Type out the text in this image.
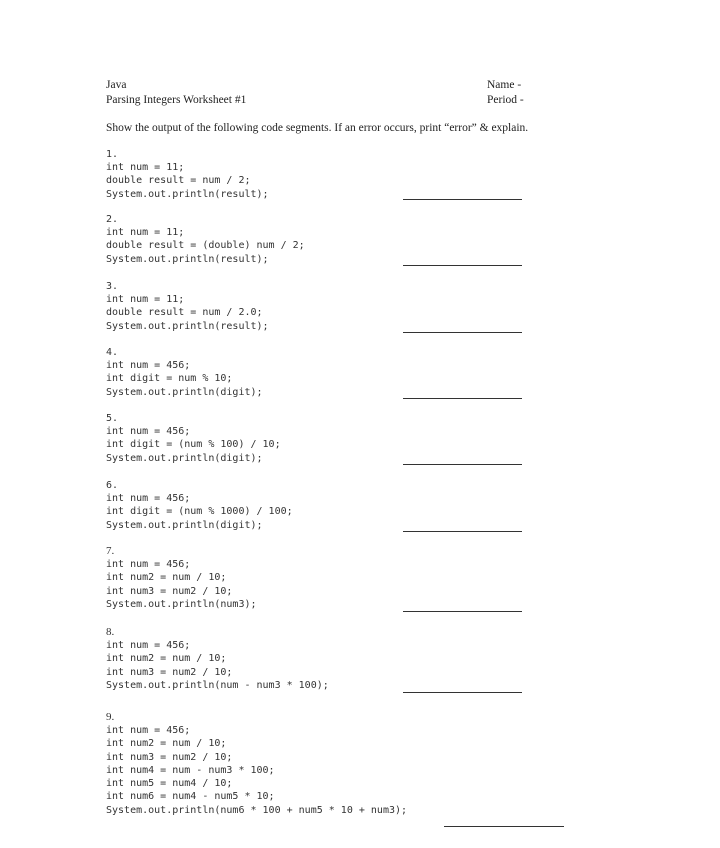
Java
Parsing Integers Worksheet #1
Name -
Period -
Show the output of the following code segments. If an error occurs, print “error” & explain.
1.
int num = 11;
double result = num / 2;
System.out.println(result);
2.
int num = 11;
double result = (double) num / 2;
System.out.println(result);
3.
int num = 11;
double result = num / 2.0;
System.out.println(result);
4.
int num = 456;
int digit = num % 10;
System.out.println(digit);
5.
int num = 456;
int digit = (num % 100) / 10;
System.out.println(digit);
6.
int num = 456;
int digit = (num % 1000) / 100;
System.out.println(digit);
7.
int num = 456;
int num2 = num / 10;
int num3 = num2 / 10;
System.out.println(num3);
8.
int num = 456;
int num2 = num / 10;
int num3 = num2 / 10;
System.out.println(num - num3 * 100);
9.
int num = 456;
int num2 = num / 10;
int num3 = num2 / 10;
int num4 = num - num3 * 100;
int num5 = num4 / 10;
int num6 = num4 - num5 * 10;
System.out.println(num6 * 100 + num5 * 10 + num3);
